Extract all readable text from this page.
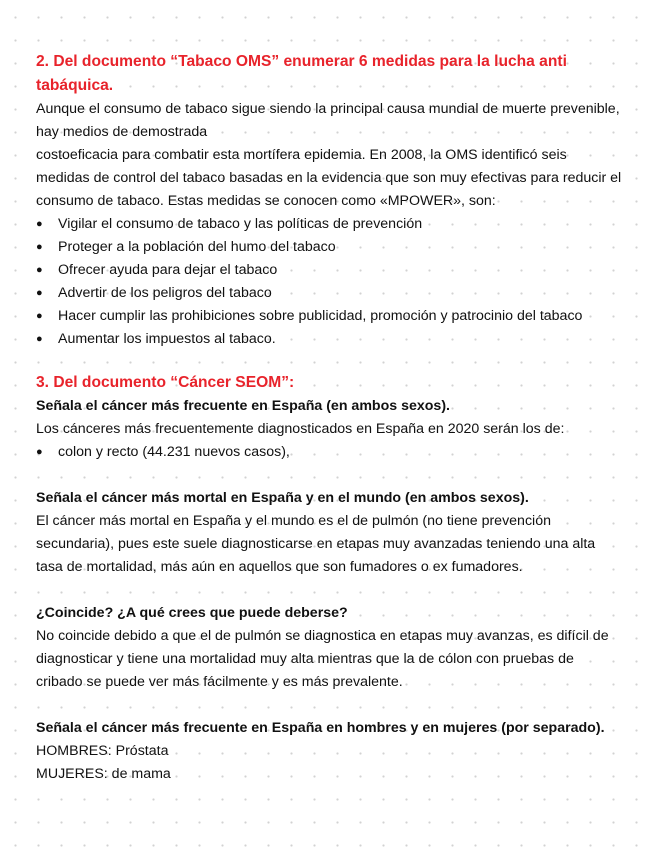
2. Del documento “Tabaco OMS” enumerar 6 medidas para la lucha anti
tabáquica.
Aunque el consumo de tabaco sigue siendo la principal causa mundial de muerte prevenible,
hay medios de demostrada
costoeficacia para combatir esta mortífera epidemia. En 2008, la OMS identificó seis
medidas de control del tabaco basadas en la evidencia que son muy efectivas para reducir el
consumo de tabaco. Estas medidas se conocen como «MPOWER», son:
● Vigilar el consumo de tabaco y las políticas de prevención
● Proteger a la población del humo del tabaco
● Ofrecer ayuda para dejar el tabaco
● Advertir de los peligros del tabaco
● Hacer cumplir las prohibiciones sobre publicidad, promoción y patrocinio del tabaco
● Aumentar los impuestos al tabaco.
3. Del documento “Cáncer SEOM”:
Señala el cáncer más frecuente en España (en ambos sexos).
Los cánceres más frecuentemente diagnosticados en España en 2020 serán los de:
● colon y recto (44.231 nuevos casos),
Señala el cáncer más mortal en España y en el mundo (en ambos sexos).
El cáncer más mortal en España y el mundo es el de pulmón (no tiene prevención
secundaria), pues este suele diagnosticarse en etapas muy avanzadas teniendo una alta
tasa de mortalidad, más aún en aquellos que son fumadores o ex fumadores.
¿Coincide? ¿A qué crees que puede deberse?
No coincide debido a que el de pulmón se diagnostica en etapas muy avanzas, es difícil de
diagnosticar y tiene una mortalidad muy alta mientras que la de cólon con pruebas de
cribado se puede ver más fácilmente y es más prevalente.
Señala el cáncer más frecuente en España en hombres y en mujeres (por separado).
HOMBRES: Próstata
MUJERES: de mama
